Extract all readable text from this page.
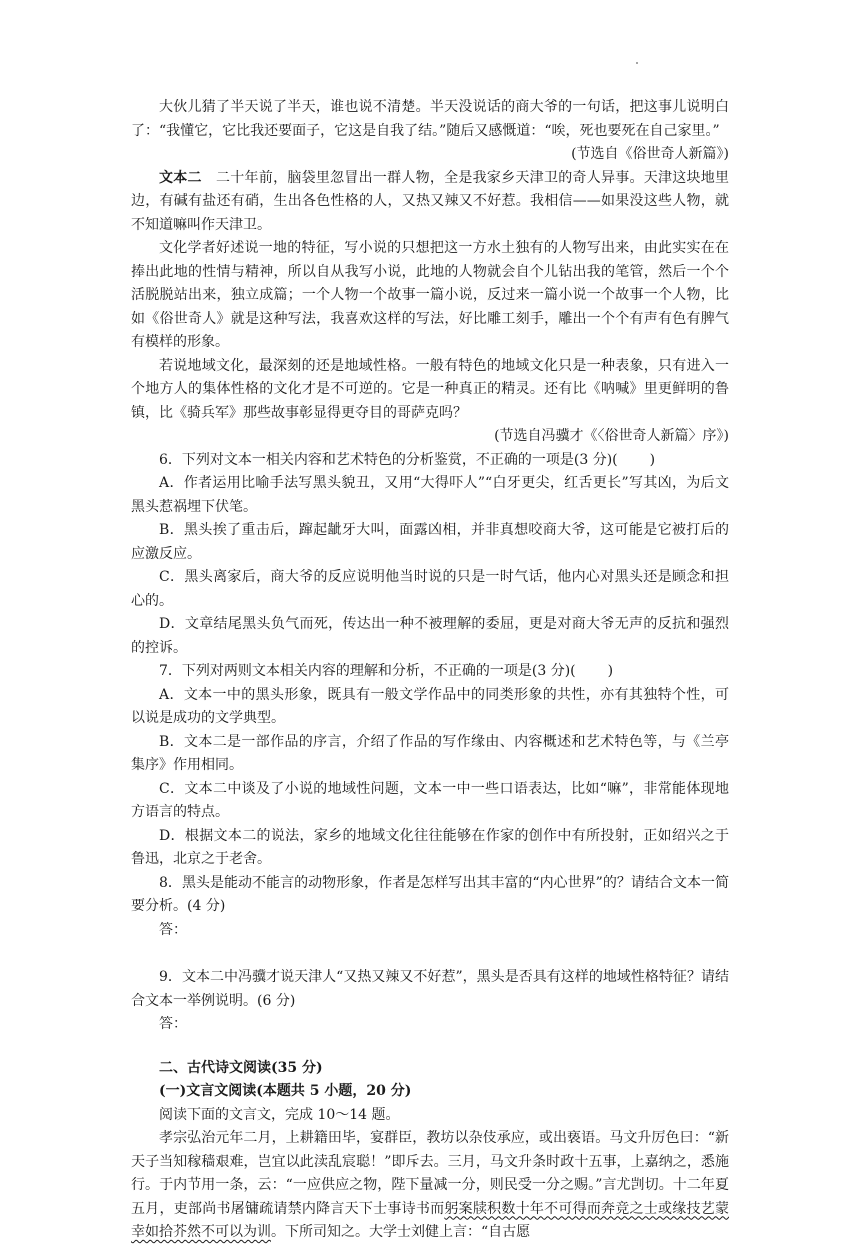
大伙儿猜了半天说了半天，谁也说不清楚。半天没说话的商大爷的一句话，把这事儿说明白了：“我懂它，它比我还要面子，它这是自我了结。”随后又感慨道：“唉，死也要死在自己家里。”

(节选自《俗世奇人新篇》)

文本二　 二十年前，脑袋里忽冒出一群人物，全是我家乡天津卫的奇人异事。天津这块地里边，有碱有盐还有硝，生出各色性格的人，又热又辣又不好惹。我相信——如果没这些人物，就不知道嘛叫作天津卫。

文化学者好述说一地的特征，写小说的只想把这一方水土独有的人物写出来，由此实实在在捧出此地的性情与精神，所以自从我写小说，此地的人物就会自个儿钻出我的笔管，然后一个个活脱脱站出来，独立成篇；一个人物一个故事一篇小说，反过来一篇小说一个故事一个人物，比如《俗世奇人》就是这种写法，我喜欢这样的写法，好比雕工刻手，雕出一个个有声有色有脾气有模样的形象。

若说地域文化，最深刻的还是地域性格。一般有特色的地域文化只是一种表象，只有进入一个地方人的集体性格的文化才是不可逆的。它是一种真正的精灵。还有比《呐喊》里更鲜明的鲁镇，比《骑兵军》那些故事彰显得更夺目的哥萨克吗？

(节选自冯骥才《〈俗世奇人新篇〉序》)

6．下列对文本一相关内容和艺术特色的分析鉴赏，不正确的一项是(3 分)( )

A．作者运用比喻手法写黑头貌丑，又用“大得吓人”“白牙更尖，红舌更长”写其凶，为后文黑头惹祸埋下伏笔。

B．黑头挨了重击后，蹿起龇牙大叫，面露凶相，并非真想咬商大爷，这可能是它被打后的应激反应。

C．黑头离家后，商大爷的反应说明他当时说的只是一时气话，他内心对黑头还是顾念和担心的。

D．文章结尾黑头负气而死，传达出一种不被理解的委屈，更是对商大爷无声的反抗和强烈的控诉。

7．下列对两则文本相关内容的理解和分析，不正确的一项是(3 分)( )

A．文本一中的黑头形象，既具有一般文学作品中的同类形象的共性，亦有其独特个性，可以说是成功的文学典型。

B．文本二是一部作品的序言，介绍了作品的写作缘由、内容概述和艺术特色等，与《兰亭集序》作用相同。

C．文本二中谈及了小说的地域性问题，文本一中一些口语表达，比如“嘛”，非常能体现地方语言的特点。

D．根据文本二的说法，家乡的地域文化往往能够在作家的创作中有所投射，正如绍兴之于鲁迅，北京之于老舍。

8．黑头是能动不能言的动物形象，作者是怎样写出其丰富的“内心世界”的？请结合文本一简要分析。(4 分)

答：

9．文本二中冯骥才说天津人“又热又辣又不好惹”，黑头是否具有这样的地域性格特征？请结合文本一举例说明。(6 分)

答：

二、古代诗文阅读(35 分)

(一)文言文阅读(本题共 5 小题，20 分)

阅读下面的文言文，完成 10～14 题。

孝宗弘治元年二月，上耕籍田毕，宴群臣，教坊以杂伎承应，或出亵语。马文升厉色曰：“新天子当知稼穑艰难，岂宜以此渎乱宸聪！”即斥去。三月，马文升条时政十五事，上嘉纳之，悉施行。于内节用一条，云：“一应供应之物，陛下量减一分，则民受一分之赐。”言尤剀切。十二年夏五月，吏部尚书屠镛疏请禁内降言天下士事诗书而躬案牍积数十年不可得而奔竞之士或缘技艺蒙幸如拾芥然不可以为训。下所司知之。大学士刘健上言：“自古愿
